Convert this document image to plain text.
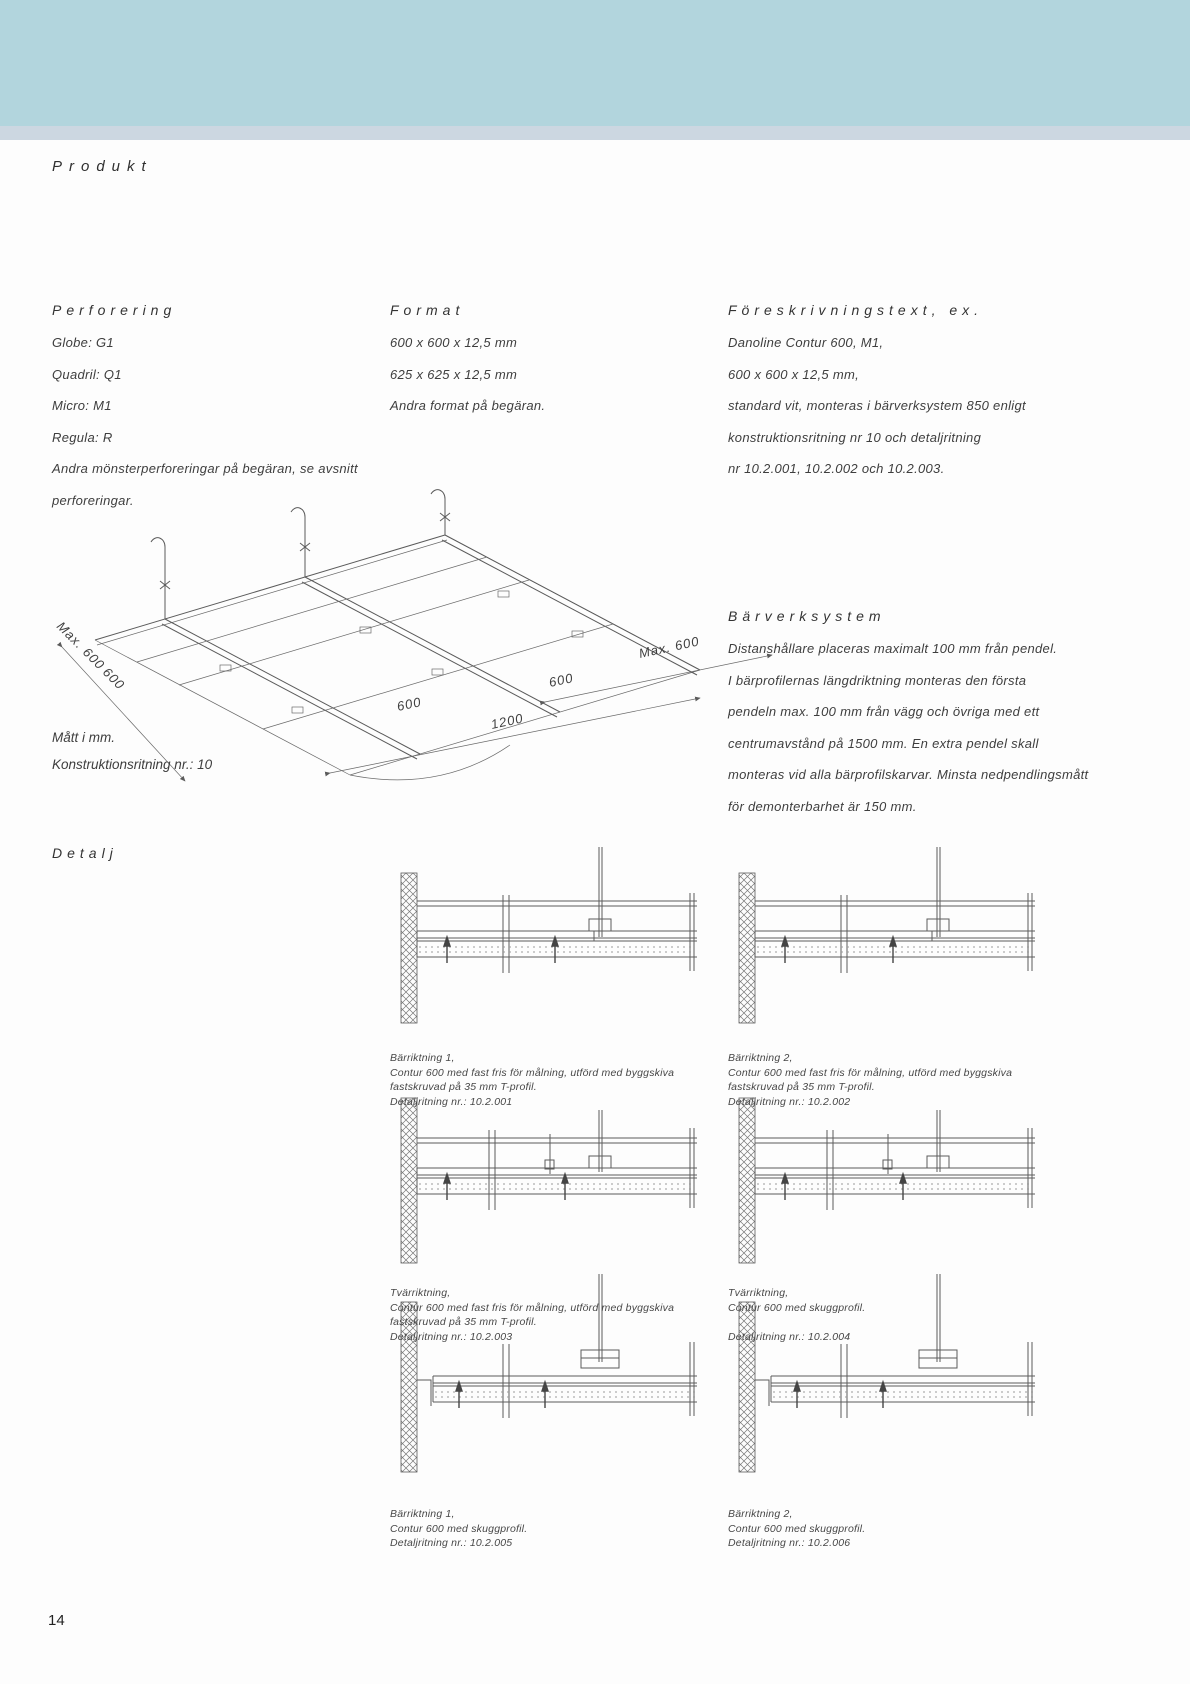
Produkt
Perforering
Globe: G1
Quadril: Q1
Micro: M1
Regula: R
Andra mönsterperforeringar på begäran, se avsnitt
perforeringar.
Format
600 x 600 x 12,5 mm
625 x 625 x 12,5 mm
Andra format på begäran.
Föreskrivningstext, ex.
Danoline Contur 600, M1,
600 x 600 x 12,5 mm,
standard vit, monteras i bärverksystem 850 enligt
konstruktionsritning nr 10 och detaljritning
nr 10.2.001, 10.2.002 och 10.2.003.
Max. 600
600
600
1200
600
Max. 600
Mått i mm.
Konstruktionsritning nr.: 10
Bärverksystem
Distanshållare placeras maximalt 100 mm från pendel.
I bärprofilernas längdriktning monteras den första
pendeln max. 100 mm från vägg och övriga med ett
centrumavstånd på 1500 mm. En extra pendel skall
monteras vid alla bärprofilskarvar. Minsta nedpendlingsmått
för demonterbarhet är 150 mm.
Detalj
Bärriktning 1,
Contur 600 med fast fris för målning, utförd med byggskiva
fastskruvad på 35 mm T-profil.
Detaljritning nr.: 10.2.001
Bärriktning 2,
Contur 600 med fast fris för målning, utförd med byggskiva
fastskruvad på 35 mm T-profil.
Detaljritning nr.: 10.2.002
Tvärriktning,
Contur 600 med fast fris för målning, utförd med byggskiva
fastskruvad på 35 mm T-profil.
Detaljritning nr.: 10.2.003
Tvärriktning,
Contur 600 med skuggprofil.
Detaljritning nr.: 10.2.004
Bärriktning 1,
Contur 600 med skuggprofil.
Detaljritning nr.: 10.2.005
Bärriktning 2,
Contur 600 med skuggprofil.
Detaljritning nr.: 10.2.006
14
